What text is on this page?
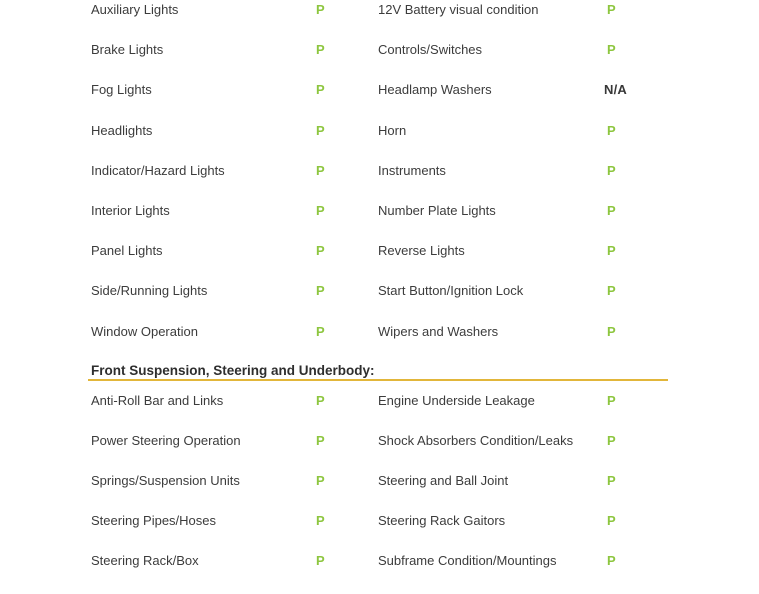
Auxiliary Lights	P	12V Battery visual condition	P
Brake Lights	P	Controls/Switches	P
Fog Lights	P	Headlamp Washers	N/A
Headlights	P	Horn	P
Indicator/Hazard Lights	P	Instruments	P
Interior Lights	P	Number Plate Lights	P
Panel Lights	P	Reverse Lights	P
Side/Running Lights	P	Start Button/Ignition Lock	P
Window Operation	P	Wipers and Washers	P
Front Suspension, Steering and Underbody:
Anti-Roll Bar and Links	P	Engine Underside Leakage	P
Power Steering Operation	P	Shock Absorbers Condition/Leaks	P
Springs/Suspension Units	P	Steering and Ball Joint	P
Steering Pipes/Hoses	P	Steering Rack Gaitors	P
Steering Rack/Box	P	Subframe Condition/Mountings	P
